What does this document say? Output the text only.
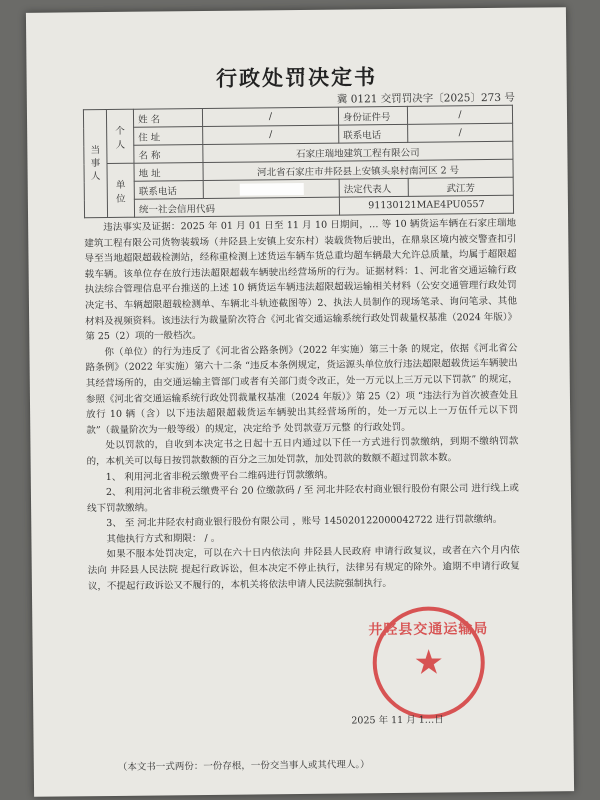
行政处罚决定书
冀 0121 交罚罚决字〔2025〕273 号
当事人	个人	姓 名	/	身份证件号	/
		住 址	/	联系电话	/
		名 称	石家庄瑞地建筑工程有限公司		
	单位	地 址	河北省石家庄市井陉县上安镇头泉村南河区 2 号		
		联系电话		法定代表人	武江芳
		统一社会信用代码		91130121MAE4PU0557	

违法事实及证据：2025 年 01 月 01 日至 11 月 10 日期间，… 等 10 辆货运车辆在石家庄瑞地建筑工程有限公司货物装载场（井陉县上安镇上安东村）装载货物后驶出，在鼎泉区境内被交警查扣引导至当地超限超载检测站，经称重检测上述货运车辆车货总重均超车辆最大允许总质量，均属于超限超载车辆。该单位存在放行违法超限超载车辆驶出经营场所的行为。证据材料：1、河北省交通运输行政执法综合管理信息平台推送的上述 10 辆货运车辆违法超限超载运输相关材料（公安交通管理行政处罚决定书、车辆超限超载检测单、车辆北斗轨迹截图等）2、执法人员制作的现场笔录、询问笔录、其他材料及视频资料。该违法行为裁量阶次符合《河北省交通运输系统行政处罚裁量权基准（2024 年版）》第 25（2）项的一般档次。

你（单位）的行为违反了《河北省公路条例》（2022 年实施）第三十条 的规定，依据《河北省公路条例》（2022 年实施）第六十二条 “违反本条例规定，货运源头单位放行违法超限超载货运车辆驶出其经营场所的，由交通运输主管部门或者有关部门责令改正，处一万元以上三万元以下罚款” 的规定，参照《河北省交通运输系统行政处罚裁量权基准（2024 年版）》第 25（2）项 “违法行为首次被查处且放行 10 辆（含）以下违法超限超载货运车辆驶出其经营场所的，处一万元以上一万伍仟元以下罚款”（裁量阶次为一般等级）的规定，决定给予 处罚款壹万元整 的行政处罚。

处以罚款的，自收到本决定书之日起十五日内通过以下任一方式进行罚款缴纳，到期不缴纳罚款的，本机关可以每日按罚款数额的百分之三加处罚款，加处罚款的数额不超过罚款本数。

1、 利用河北省非税云缴费平台二维码进行罚款缴纳。

2、 利用河北省非税云缴费平台 20 位缴款码 / 至 河北井陉农村商业银行股份有限公司 进行线上或线下罚款缴纳。

3、 至 河北井陉农村商业银行股份有限公司 ，账号 145020122000042722 进行罚款缴纳。

其他执行方式和期限： / 。

如果不服本处罚决定，可以在六十日内依法向 井陉县人民政府 申请行政复议，或者在六个月内依法向 井陉县人民法院 提起行政诉讼，但本决定不停止执行，法律另有规定的除外。逾期不申请行政复议，不提起行政诉讼又不履行的，本机关将依法申请人民法院强制执行。

井陉县交通运输局
★
2025 年 11 月 1…日
（本文书一式两份：一份存根，一份交当事人或其代理人。）
